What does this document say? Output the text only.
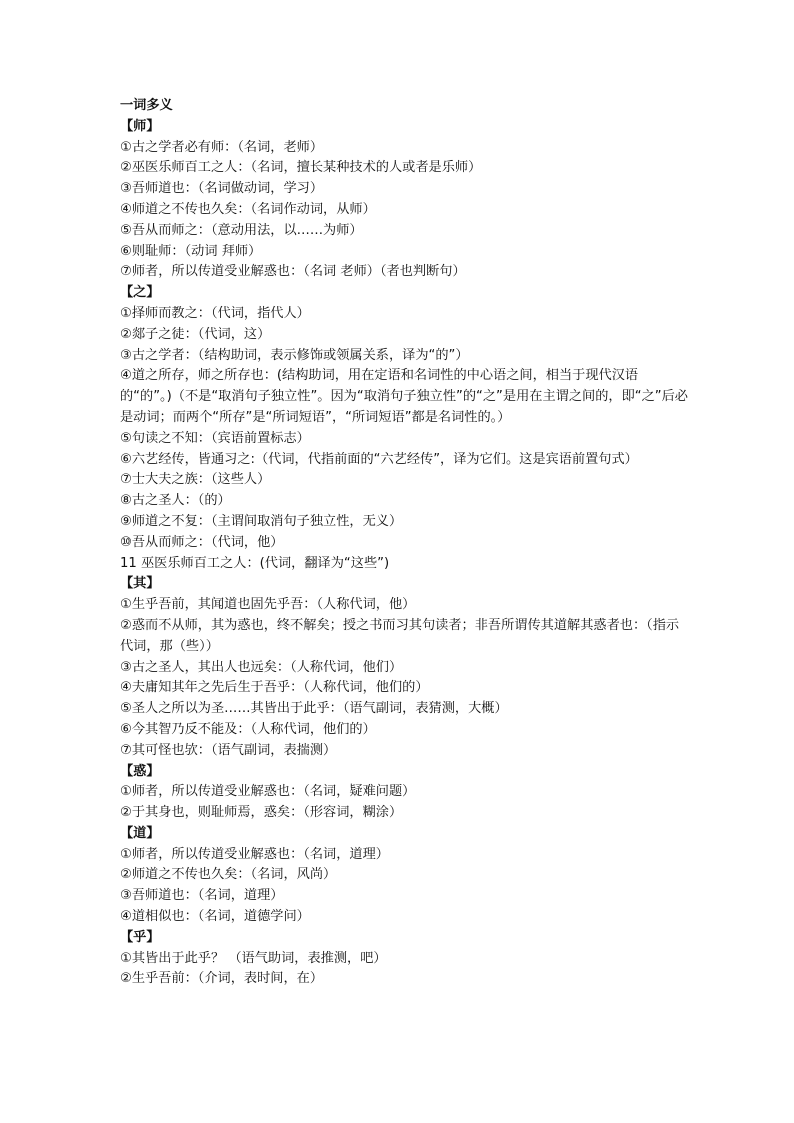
一词多义

【师】

①古之学者必有师：（名词，老师）

②巫医乐师百工之人：（名词，擅长某种技术的人或者是乐师）

③吾师道也：（名词做动词，学习）

④师道之不传也久矣：（名词作动词，从师）

⑤吾从而师之：（意动用法，以……为师）

⑥则耻师：（动词 拜师）

⑦师者，所以传道受业解惑也：（名词 老师）（者也判断句）

【之】

①择师而教之：（代词，指代人）

②郯子之徒：（代词，这）

③古之学者：（结构助词，表示修饰或领属关系，译为“的”）

④道之所存，师之所存也：(结构助词，用在定语和名词性的中心语之间，相当于现代汉语的“的”。)（不是“取消句子独立性”。因为“取消句子独立性”的“之”是用在主谓之间的，即“之”后必是动词；而两个“所存”是“所词短语”，“所词短语”都是名词性的。）

⑤句读之不知：（宾语前置标志）

⑥六艺经传，皆通习之:（代词，代指前面的“六艺经传”，译为它们。这是宾语前置句式）

⑦士大夫之族：（这些人）

⑧古之圣人：（的）

⑨师道之不复：（主谓间取消句子独立性，无义）

⑩吾从而师之：（代词，他）

11 巫医乐师百工之人：(代词，翻译为“这些”)

【其】

①生乎吾前，其闻道也固先乎吾：（人称代词，他）

②惑而不从师，其为惑也，终不解矣；授之书而习其句读者；非吾所谓传其道解其惑者也：（指示代词，那（些））

③古之圣人，其出人也远矣：（人称代词，他们）

④夫庸知其年之先后生于吾乎：（人称代词，他们的）

⑤圣人之所以为圣……其皆出于此乎：（语气副词，表猜测，大概）

⑥今其智乃反不能及：（人称代词，他们的）

⑦其可怪也欤：（语气副词，表揣测）

【惑】

①师者，所以传道受业解惑也：（名词，疑难问题）

②于其身也，则耻师焉，惑矣：（形容词，糊涂）

【道】

①师者，所以传道受业解惑也：（名词，道理）

②师道之不传也久矣：（名词，风尚）

③吾师道也：（名词，道理）

④道相似也：（名词，道德学问）

【乎】

①其皆出于此乎？ （语气助词，表推测，吧）

②生乎吾前：（介词，表时间，在）
